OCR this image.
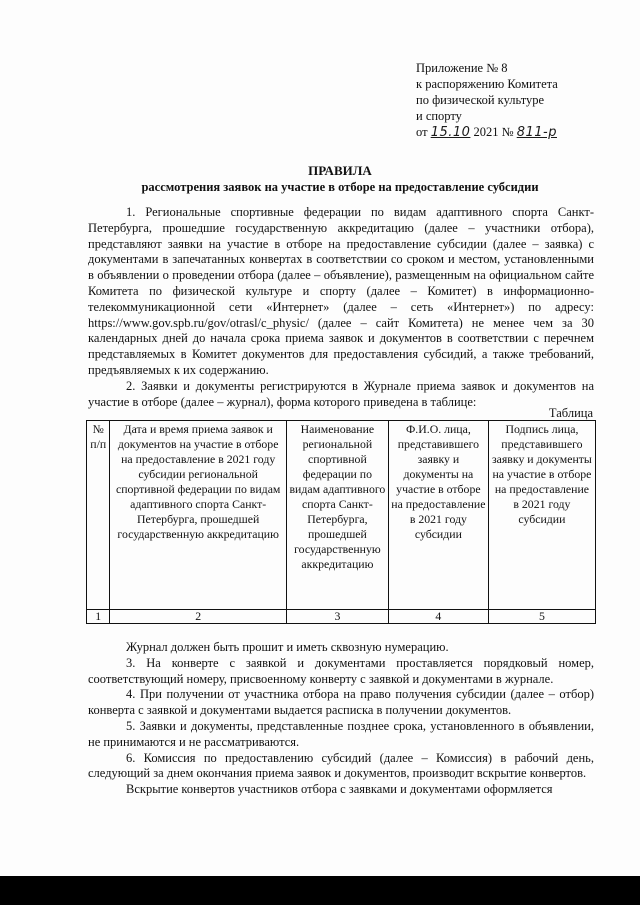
Приложение № 8
к распоряжению Комитета
по физической культуре
и спорту
от 15.10 2021 № 811-р
ПРАВИЛА
рассмотрения заявок на участие в отборе на предоставление субсидии

1. Региональные спортивные федерации по видам адаптивного спорта Санкт-Петербурга, прошедшие государственную аккредитацию (далее – участники отбора), представляют заявки на участие в отборе на предоставление субсидии (далее – заявка) с документами в запечатанных конвертах в соответствии со сроком и местом, установленными в объявлении о проведении отбора (далее – объявление), размещенным на официальном сайте Комитета по физической культуре и спорту (далее – Комитет) в информационно-телекоммуникационной сети «Интернет» (далее – сеть «Интернет») по адресу: https://www.gov.spb.ru/gov/otrasl/c_physic/ (далее – сайт Комитета) не менее чем за 30 календарных дней до начала срока приема заявок и документов в соответствии с перечнем представляемых в Комитет документов для предоставления субсидий, а также требований, предъявляемых к их содержанию.

2. Заявки и документы регистрируются в Журнале приема заявок и документов на участие в отборе (далее – журнал), форма которого приведена в таблице:

Таблица
№ п/п	Дата и время приема заявок и документов на участие в отборе на предоставление в 2021 году субсидии региональной спортивной федерации по видам адаптивного спорта Санкт-Петербурга, прошедшей государственную аккредитацию	Наименование региональной спортивной федерации по видам адаптивного спорта Санкт-Петербурга, прошедшей государственную аккредитацию	Ф.И.О. лица, представившего заявку и документы на участие в отборе на предоставление в 2021 году субсидии	Подпись лица, представившего заявку и документы на участие в отборе на предоставление в 2021 году субсидии
1	2	3	4	5

Журнал должен быть прошит и иметь сквозную нумерацию.

3. На конверте с заявкой и документами проставляется порядковый номер, соответствующий номеру, присвоенному конверту с заявкой и документами в журнале.

4. При получении от участника отбора на право получения субсидии (далее – отбор) конверта с заявкой и документами выдается расписка в получении документов.

5. Заявки и документы, представленные позднее срока, установленного в объявлении, не принимаются и не рассматриваются.

6. Комиссия по предоставлению субсидий (далее – Комиссия) в рабочий день, следующий за днем окончания приема заявок и документов, производит вскрытие конвертов.

Вскрытие конвертов участников отбора с заявками и документами оформляется
